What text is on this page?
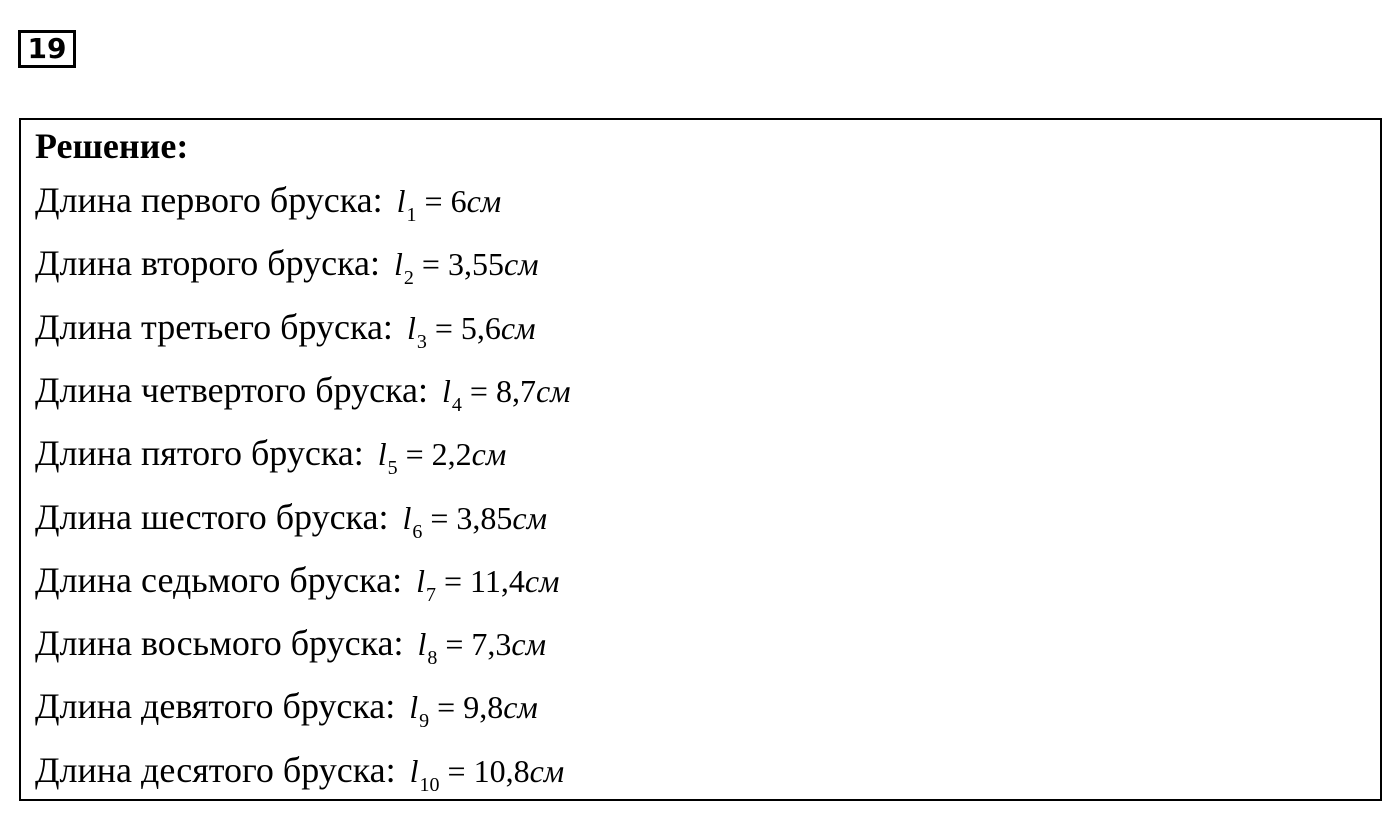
19
Решение:
Длина первого бруска: $l_1 = 6см$
Длина второго бруска: $l_2 = 3,55см$
Длина третьего бруска: $l_3 = 5,6см$
Длина четвертого бруска: $l_4 = 8,7см$
Длина пятого бруска: $l_5 = 2,2см$
Длина шестого бруска: $l_6 = 3,85см$
Длина седьмого бруска: $l_7 = 11,4см$
Длина восьмого бруска: $l_8 = 7,3см$
Длина девятого бруска: $l_9 = 9,8см$
Длина десятого бруска: $l_{10} = 10,8см$
